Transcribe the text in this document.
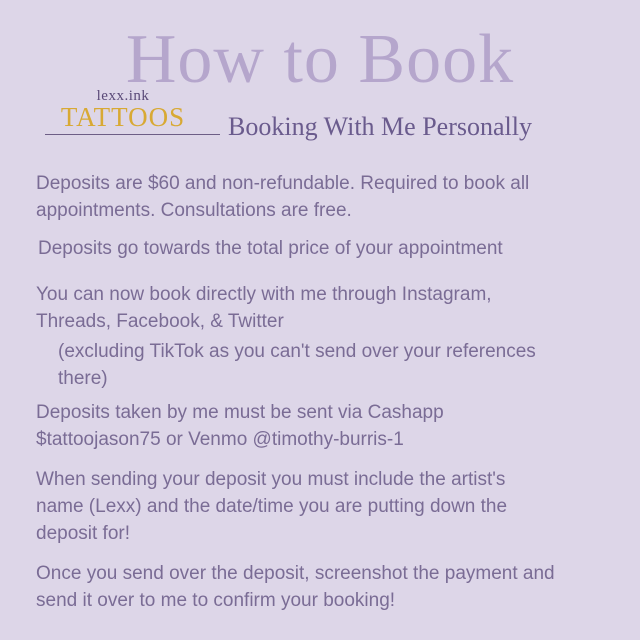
How to Book
lexx.ink
TATTOOS	Booking With Me Personally

Deposits are $60 and non-refundable. Required to book all
appointments. Consultations are free.

Deposits go towards the total price of your appointment

You can now book directly with me through Instagram,
Threads, Facebook, & Twitter

(excluding TikTok as you can't send over your references
there)

Deposits taken by me must be sent via Cashapp
$tattoojason75 or Venmo @timothy-burris-1

When sending your deposit you must include the artist's
name (Lexx) and the date/time you are putting down the
deposit for!

Once you send over the deposit, screenshot the payment and
send it over to me to confirm your booking!
